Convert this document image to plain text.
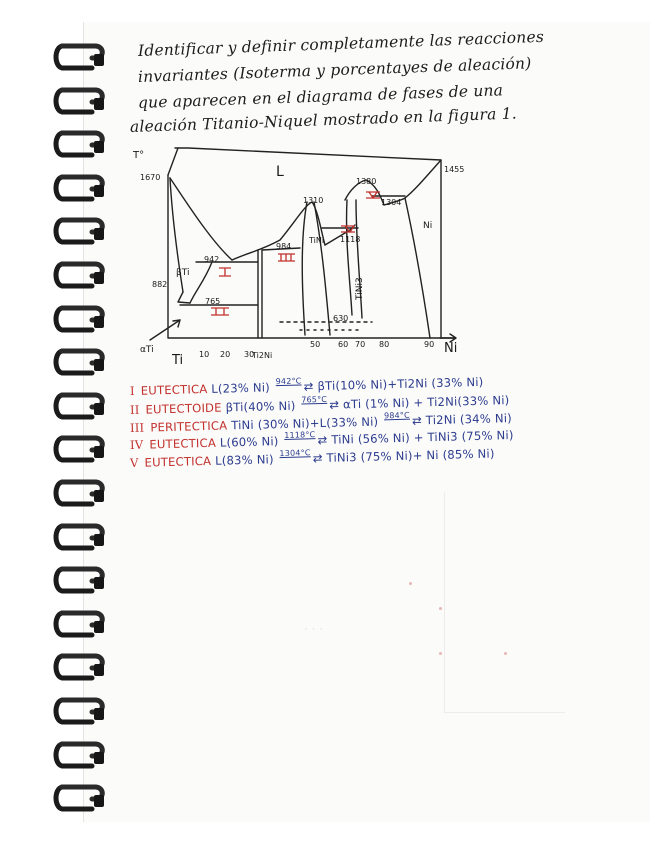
· · ·
Identificar y definir completamente las reacciones
invariantes (Isoterma y porcentayes de aleación)
que aparecen en el diagrama de fases de una
aleación Titanio-Niquel mostrado en la figura 1.
T°
1670
882
942
765
984
1310
1118
1380
1304
1455
630
L
βTi
αTi
TiNi
Ti2Ni
TiNi3
Ni
Ti
Ni
10 20 30
50 60 70 80	90
I EUTECTICA L(23% Ni) $^{942^\circ C}$ ⇄ βTi(10% Ni)+Ti2Ni (33% Ni)
II EUTECTOIDE βTi(40% Ni) $^{765^\circ C}$ ⇄ αTi (1% Ni) + Ti2Ni(33% Ni)
III PERITECTICA TiNi (30% Ni)+L(33% Ni) $^{984^\circ C}$ ⇄ Ti2Ni (34% Ni)
IV EUTECTICA L(60% Ni) $^{1118^\circ C}$ ⇄ TiNi (56% Ni) + TiNi3 (75% Ni)
V EUTECTICA L(83% Ni) $^{1304^\circ C}$ ⇄ TiNi3 (75% Ni)+ Ni (85% Ni)
